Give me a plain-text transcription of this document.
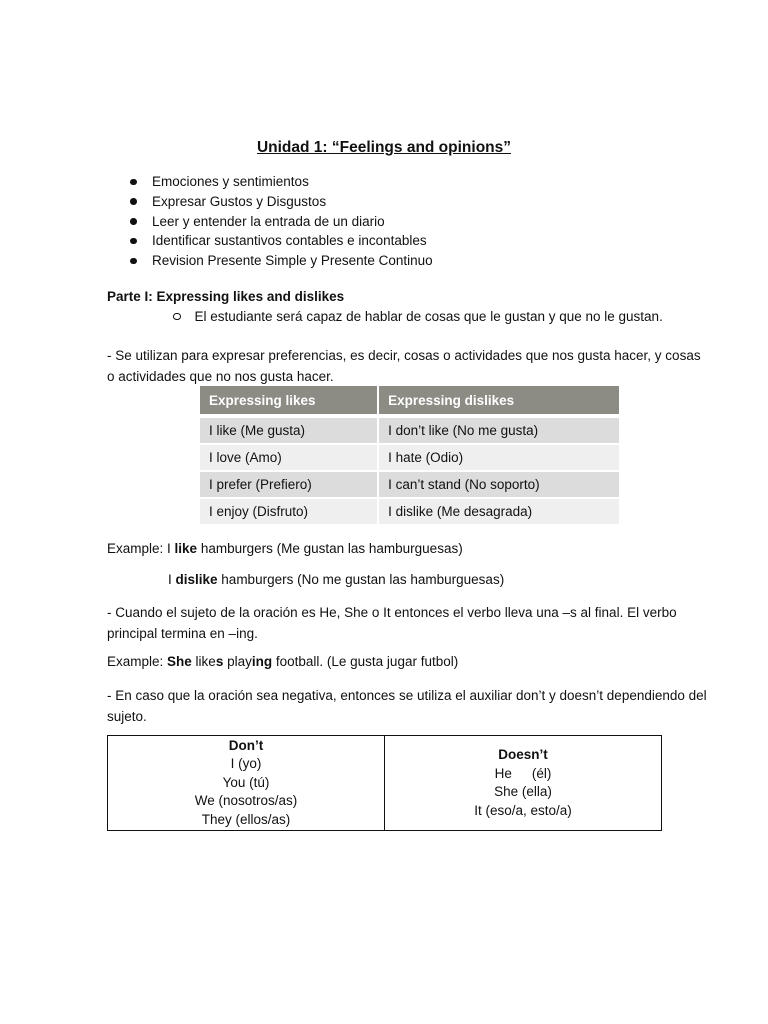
Unidad 1: “Feelings and opinions”
Emociones y sentimientos
Expresar Gustos y Disgustos
Leer y entender la entrada de un diario
Identificar sustantivos contables e incontables
Revision Presente Simple y Presente Continuo
Parte I: Expressing likes and dislikes
El estudiante será capaz de hablar de cosas que le gustan y que no le gustan.
- Se utilizan para expresar preferencias, es decir, cosas o actividades que nos gusta hacer, y cosas o actividades que no nos gusta hacer.
Expressing likes	Expressing dislikes
I like (Me gusta)	I don’t like (No me gusta)
I love (Amo)	I hate (Odio)
I prefer (Prefiero)	I can’t stand (No soporto)
I enjoy (Disfruto)	I dislike (Me desagrada)
Example: I like hamburgers (Me gustan las hamburguesas)
I dislike hamburgers (No me gustan las hamburguesas)
- Cuando el sujeto de la oración es He, She o It entonces el verbo lleva una –s al final. El verbo principal termina en –ing.
Example: She likes playing football. (Le gusta jugar futbol)
- En caso que la oración sea negativa, entonces se utiliza el auxiliar don’t y doesn’t dependiendo del sujeto.
Don’t
I (yo)
You (tú)
We (nosotros/as)
They (ellos/as)

Doesn’t
He (él)
She (ella)
It (eso/a, esto/a)
